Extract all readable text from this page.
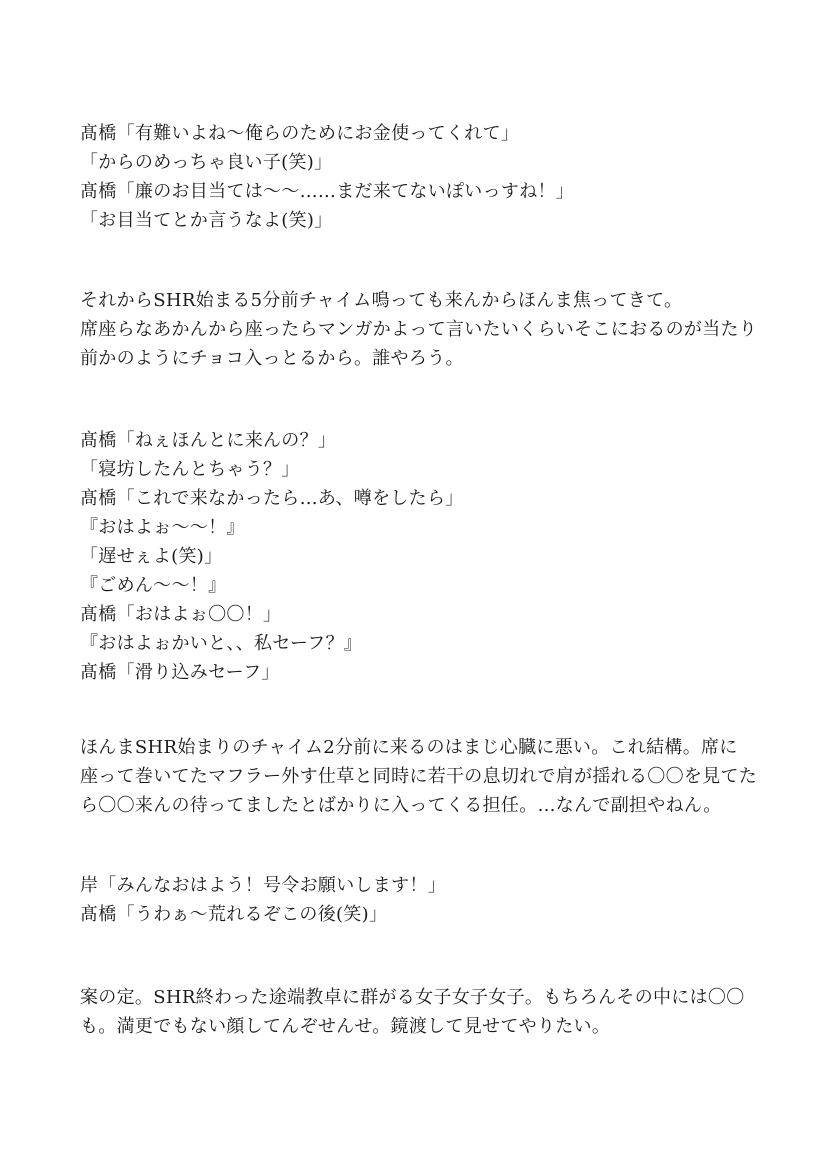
髙橋「有難いよね〜俺らのためにお金使ってくれて」
「からのめっちゃ良い子(笑)」
髙橋「廉のお目当ては〜〜……まだ来てないぽいっすね！」
「お目当てとか言うなよ(笑)」
それからSHR始まる5分前チャイム鳴っても来んからほんま焦ってきて。
席座らなあかんから座ったらマンガかよって言いたいくらいそこにおるのが当たり
前かのようにチョコ入っとるから。誰やろう。
髙橋「ねぇほんとに来んの？」
「寝坊したんとちゃう？」
髙橋「これで来なかったら…あ、噂をしたら」
『おはよぉ〜〜！』
「遅せぇよ(笑)」
『ごめん〜〜！』
髙橋「おはよぉ〇〇！」
『おはよぉかいと、、私セーフ？』
髙橋「滑り込みセーフ」
ほんまSHR始まりのチャイム2分前に来るのはまじ心臓に悪い。これ結構。席に
座って巻いてたマフラー外す仕草と同時に若干の息切れで肩が揺れる〇〇を見てた
ら〇〇来んの待ってましたとばかりに入ってくる担任。…なんで副担やねん。
岸「みんなおはよう！号令お願いします！」
髙橋「うわぁ〜荒れるぞこの後(笑)」
案の定。SHR終わった途端教卓に群がる女子女子女子。もちろんその中には〇〇
も。満更でもない顔してんぞせんせ。鏡渡して見せてやりたい。
